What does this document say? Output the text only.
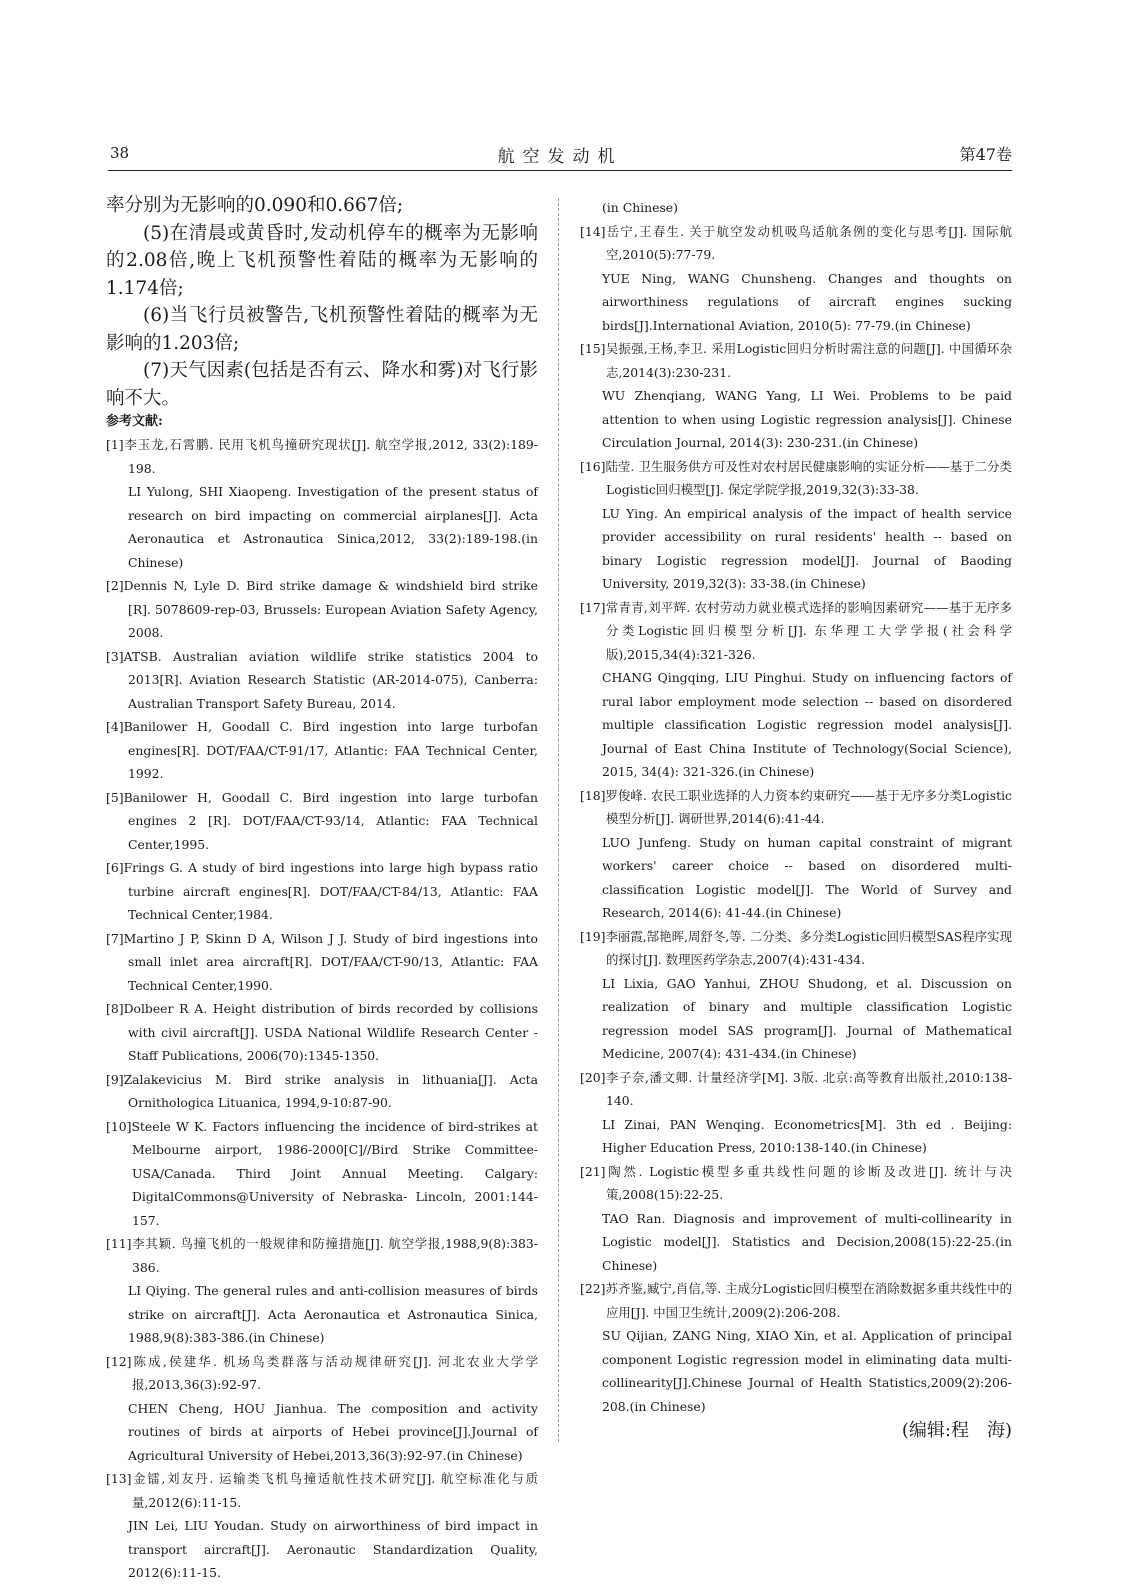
38	航空发动机	第47卷

率分别为无影响的0.090和0.667倍;

(5)在清晨或黄昏时,发动机停车的概率为无影响的2.08倍,晚上飞机预警性着陆的概率为无影响的1.174倍;

(6)当飞行员被警告,飞机预警性着陆的概率为无影响的1.203倍;

(7)天气因素(包括是否有云、降水和雾)对飞行影响不大。

参考文献:

[1]李玉龙,石霄鹏. 民用飞机鸟撞研究现状[J]. 航空学报,2012, 33(2):189-198.
LI Yulong, SHI Xiaopeng. Investigation of the present status of research on bird impacting on commercial airplanes[J]. Acta Aeronautica et Astronautica Sinica,2012, 33(2):189-198.(in Chinese)

[2]Dennis N, Lyle D. Bird strike damage & windshield bird strike [R]. 5078609-rep-03, Brussels: European Aviation Safety Agency, 2008.

[3]ATSB. Australian aviation wildlife strike statistics 2004 to 2013[R]. Aviation Research Statistic (AR-2014-075), Canberra: Australian Transport Safety Bureau, 2014.

[4]Banilower H, Goodall C. Bird ingestion into large turbofan engines[R]. DOT/FAA/CT-91/17, Atlantic: FAA Technical Center, 1992.

[5]Banilower H, Goodall C. Bird ingestion into large turbofan engines 2 [R]. DOT/FAA/CT-93/14, Atlantic: FAA Technical Center,1995.

[6]Frings G. A study of bird ingestions into large high bypass ratio turbine aircraft engines[R]. DOT/FAA/CT-84/13, Atlantic: FAA Technical Center,1984.

[7]Martino J P, Skinn D A, Wilson J J. Study of bird ingestions into small inlet area aircraft[R]. DOT/FAA/CT-90/13, Atlantic: FAA Technical Center,1990.

[8]Dolbeer R A. Height distribution of birds recorded by collisions with civil aircraft[J]. USDA National Wildlife Research Center - Staff Publications, 2006(70):1345-1350.

[9]Zalakevicius M. Bird strike analysis in lithuania[J]. Acta Ornithologica Lituanica, 1994,9-10:87-90.

[10]Steele W K. Factors influencing the incidence of bird-strikes at Melbourne airport, 1986-2000[C]//Bird Strike Committee-USA/Canada. Third Joint Annual Meeting. Calgary: DigitalCommons@University of Nebraska- Lincoln, 2001:144-157.

[11]李其颖. 鸟撞飞机的一般规律和防撞措施[J]. 航空学报,1988,9(8):383-386.
LI Qiying. The general rules and anti-collision measures of birds strike on aircraft[J]. Acta Aeronautica et Astronautica Sinica, 1988,9(8):383-386.(in Chinese)

[12]陈成,侯建华. 机场鸟类群落与活动规律研究[J]. 河北农业大学学报,2013,36(3):92-97.
CHEN Cheng, HOU Jianhua. The composition and activity routines of birds at airports of Hebei province[J].Journal of Agricultural University of Hebei,2013,36(3):92-97.(in Chinese)

[13]金镭,刘友丹. 运输类飞机鸟撞适航性技术研究[J]. 航空标准化与质量,2012(6):11-15.
JIN Lei, LIU Youdan. Study on airworthiness of bird impact in transport aircraft[J]. Aeronautic Standardization Quality, 2012(6):11-15.

(in Chinese)

[14]岳宁,王春生. 关于航空发动机吸鸟适航条例的变化与思考[J]. 国际航空,2010(5):77-79.
YUE Ning, WANG Chunsheng. Changes and thoughts on airworthiness regulations of aircraft engines sucking birds[J].International Aviation, 2010(5): 77-79.(in Chinese)

[15]吴振强,王杨,李卫. 采用Logistic回归分析时需注意的问题[J]. 中国循环杂志,2014(3):230-231.
WU Zhenqiang, WANG Yang, LI Wei. Problems to be paid attention to when using Logistic regression analysis[J]. Chinese Circulation Journal, 2014(3): 230-231.(in Chinese)

[16]陆莹. 卫生服务供方可及性对农村居民健康影响的实证分析——基于二分类Logistic回归模型[J]. 保定学院学报,2019,32(3):33-38.
LU Ying. An empirical analysis of the impact of health service provider accessibility on rural residents' health -- based on binary Logistic regression model[J]. Journal of Baoding University, 2019,32(3): 33-38.(in Chinese)

[17]常青青,刘平辉. 农村劳动力就业模式选择的影响因素研究——基于无序多分类Logistic回归模型分析[J]. 东华理工大学学报(社会科学版),2015,34(4):321-326.
CHANG Qingqing, LIU Pinghui. Study on influencing factors of rural labor employment mode selection -- based on disordered multiple classification Logistic regression model analysis[J]. Journal of East China Institute of Technology(Social Science), 2015, 34(4): 321-326.(in Chinese)

[18]罗俊峰. 农民工职业选择的人力资本约束研究——基于无序多分类Logistic模型分析[J]. 调研世界,2014(6):41-44.
LUO Junfeng. Study on human capital constraint of migrant workers' career choice -- based on disordered multi-classification Logistic model[J]. The World of Survey and Research, 2014(6): 41-44.(in Chinese)

[19]李丽霞,郜艳晖,周舒冬,等. 二分类、多分类Logistic回归模型SAS程序实现的探讨[J]. 数理医药学杂志,2007(4):431-434.
LI Lixia, GAO Yanhui, ZHOU Shudong, et al. Discussion on realization of binary and multiple classification Logistic regression model SAS program[J]. Journal of Mathematical Medicine, 2007(4): 431-434.(in Chinese)

[20]李子奈,潘文卿. 计量经济学[M]. 3版. 北京:高等教育出版社,2010:138-140.
LI Zinai, PAN Wenqing. Econometrics[M]. 3th ed . Beijing: Higher Education Press, 2010:138-140.(in Chinese)

[21]陶然. Logistic模型多重共线性问题的诊断及改进[J]. 统计与决策,2008(15):22-25.
TAO Ran. Diagnosis and improvement of multi-collinearity in Logistic model[J]. Statistics and Decision,2008(15):22-25.(in Chinese)

[22]苏齐鉴,臧宁,肖信,等. 主成分Logistic回归模型在消除数据多重共线性中的应用[J]. 中国卫生统计,2009(2):206-208.
SU Qijian, ZANG Ning, XIAO Xin, et al. Application of principal component Logistic regression model in eliminating data multi-collinearity[J].Chinese Journal of Health Statistics,2009(2):206-208.(in Chinese)

(编辑:程　海)
